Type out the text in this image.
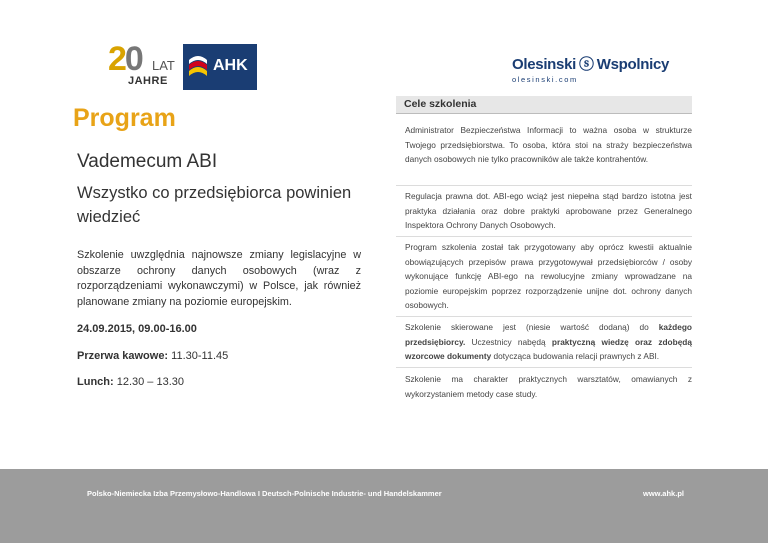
20 LAT
JAHRE
AHK	Olesinski ⓢ Wspolnicy
olesinski.com
Program
Vademecum ABI
Wszystko co przedsiębiorca powinien wiedzieć
Szkolenie uwzględnia najnowsze zmiany legislacyjne w obszarze ochrony danych osobowych (wraz z rozporządzeniami wykonawczymi) w Polsce, jak również planowane zmiany na poziomie europejskim.
24.09.2015, 09.00-16.00
Przerwa kawowe: 11.30-11.45
Lunch: 12.30 – 13.30
Cele szkolenia
Administrator Bezpieczeństwa Informacji to ważna osoba w strukturze Twojego przedsiębiorstwa. To osoba, która stoi na straży bezpieczeństwa danych osobowych nie tylko pracowników ale także kontrahentów.
Regulacja prawna dot. ABI-ego wciąż jest niepełna stąd bardzo istotna jest praktyka działania oraz dobre praktyki aprobowane przez Generalnego Inspektora Ochrony Danych Osobowych.
Program szkolenia został tak przygotowany aby oprócz kwestii aktualnie obowiązujących przepisów prawa przygotowywał przedsiębiorców / osoby wykonujące funkcję ABI-ego na rewolucyjne zmiany wprowadzane na poziomie europejskim poprzez rozporządzenie unijne dot. ochrony danych osobowych.
Szkolenie skierowane jest (niesie wartość dodaną) do każdego przedsiębiorcy. Uczestnicy nabędą praktyczną wiedzę oraz zdobędą wzorcowe dokumenty dotycząca budowania relacji prawnych z ABI.
Szkolenie ma charakter praktycznych warsztatów, omawianych z wykorzystaniem metody case study.
Polsko-Niemiecka Izba Przemysłowo-Handlowa I Deutsch-Polnische Industrie- und Handelskammer	www.ahk.pl
